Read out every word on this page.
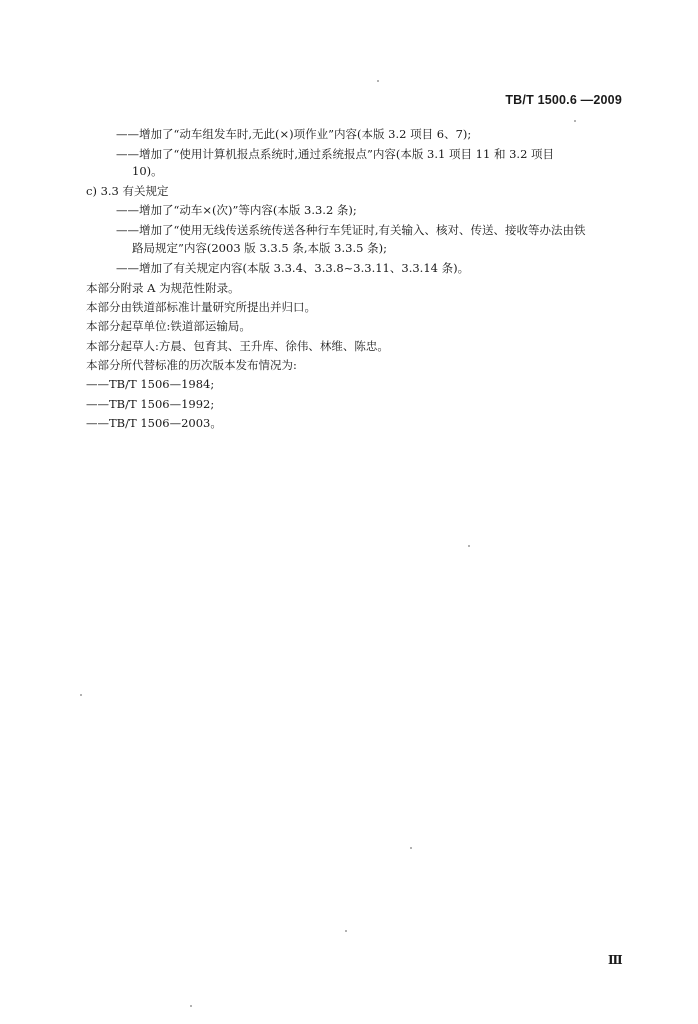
TB/T 1500.6 —2009
——增加了“动车组发车时,无此(×)项作业”内容(本版 3.2 项目 6、7);
——增加了“使用计算机报点系统时,通过系统报点”内容(本版 3.1 项目 11 和 3.2 项目
10)。
c) 3.3 有关规定
——增加了“动车×(次)”等内容(本版 3.3.2 条);
——增加了“使用无线传送系统传送各种行车凭证时,有关输入、核对、传送、接收等办法由铁
路局规定”内容(2003 版 3.3.5 条,本版 3.3.5 条);
——增加了有关规定内容(本版 3.3.4、3.3.8~3.3.11、3.3.14 条)。
本部分附录 A 为规范性附录。
本部分由铁道部标准计量研究所提出并归口。
本部分起草单位:铁道部运输局。
本部分起草人:方晨、包育其、王升库、徐伟、林维、陈忠。
本部分所代替标准的历次版本发布情况为:
——TB/T 1506—1984;
——TB/T 1506—1992;
——TB/T 1506—2003。
Ⅲ
